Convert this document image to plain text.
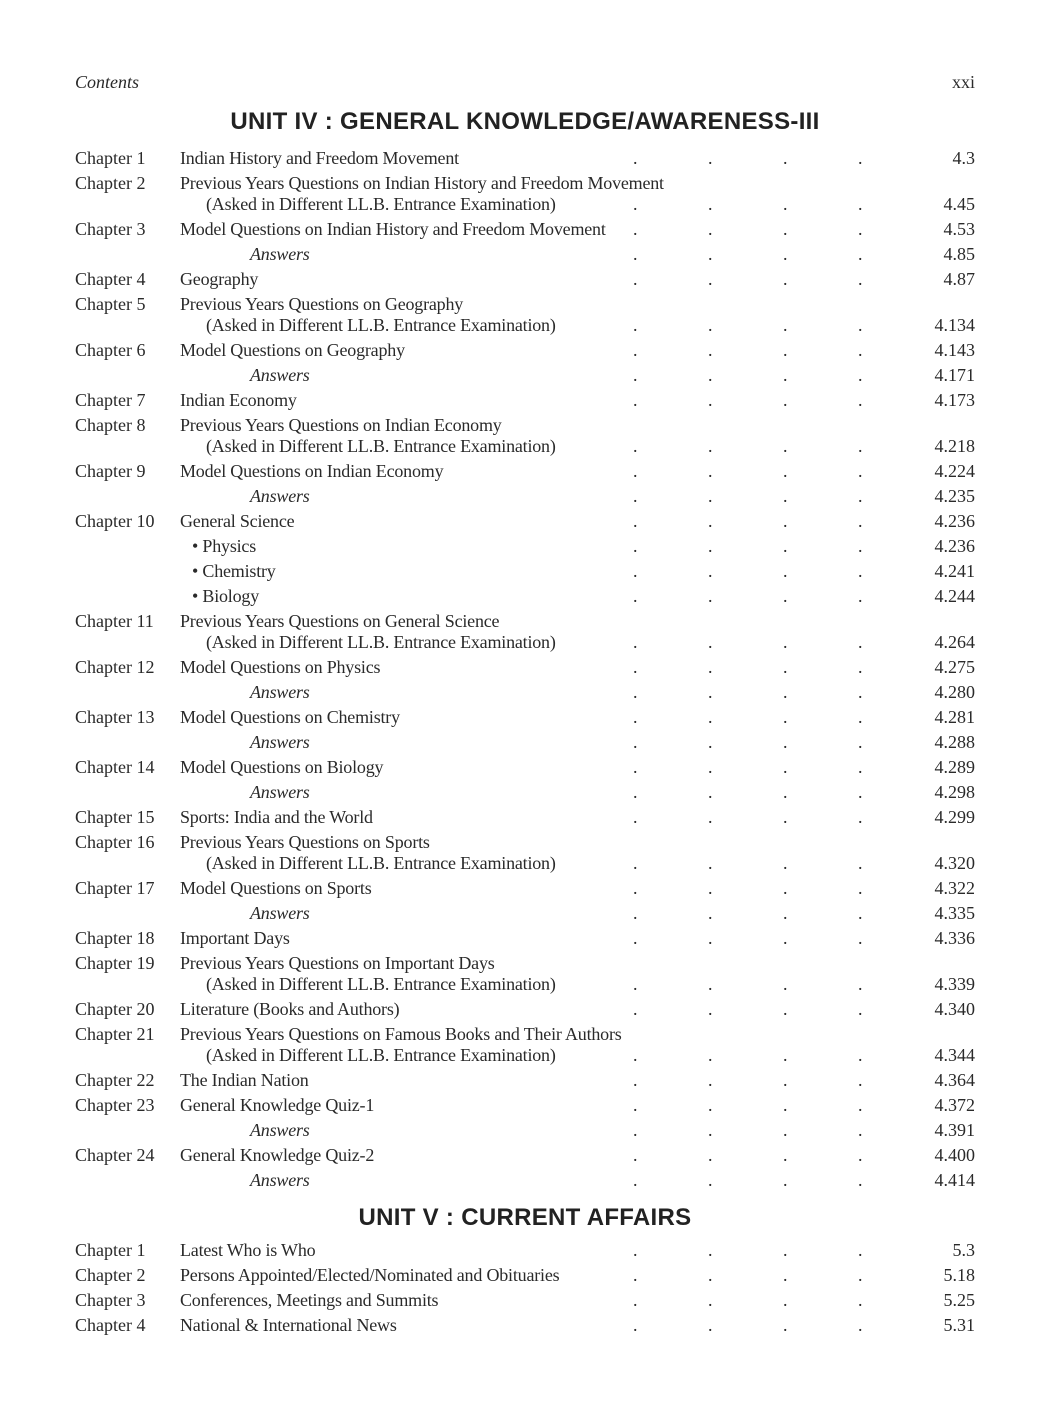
Contents	xxi
UNIT IV : GENERAL KNOWLEDGE/AWARENESS-III
Chapter 1 Indian History and Freedom Movement	.	.	.	.	4.3
Chapter 2 Previous Years Questions on Indian History and Freedom Movement
(Asked in Different LL.B. Entrance Examination)	.	.	.	.	4.45
Chapter 3 Model Questions on Indian History and Freedom Movement .	.	.	.	4.53
Answers	.	.	.	.	4.85
Chapter 4 Geography	.	.	.	.	4.87
Chapter 5 Previous Years Questions on Geography
(Asked in Different LL.B. Entrance Examination)	.	.	.	.	4.134
Chapter 6 Model Questions on Geography	.	.	.	.	4.143
Answers	.	.	.	.	4.171
Chapter 7 Indian Economy	.	.	.	.	4.173
Chapter 8 Previous Years Questions on Indian Economy
(Asked in Different LL.B. Entrance Examination)	.	.	.	.	4.218
Chapter 9 Model Questions on Indian Economy	.	.	.	.	4.224
Answers	.	.	.	.	4.235
Chapter 10 General Science	.	.	.	.	4.236
• Physics	.	.	.	.	4.236
• Chemistry	.	.	.	.	4.241
• Biology	.	.	.	.	4.244
Chapter 11 Previous Years Questions on General Science
(Asked in Different LL.B. Entrance Examination)	.	.	.	.	4.264
Chapter 12 Model Questions on Physics	.	.	.	.	4.275
Answers	.	.	.	.	4.280
Chapter 13 Model Questions on Chemistry	.	.	.	.	4.281
Answers	.	.	.	.	4.288
Chapter 14 Model Questions on Biology	.	.	.	.	4.289
Answers	.	.	.	.	4.298
Chapter 15 Sports: India and the World	.	.	.	.	4.299
Chapter 16 Previous Years Questions on Sports
(Asked in Different LL.B. Entrance Examination)	.	.	.	.	4.320
Chapter 17 Model Questions on Sports	.	.	.	.	4.322
Answers	.	.	.	.	4.335
Chapter 18 Important Days	.	.	.	.	4.336
Chapter 19 Previous Years Questions on Important Days
(Asked in Different LL.B. Entrance Examination)	.	.	.	.	4.339
Chapter 20 Literature (Books and Authors)	.	.	.	.	4.340
Chapter 21 Previous Years Questions on Famous Books and Their Authors
(Asked in Different LL.B. Entrance Examination)	.	.	.	.	4.344
Chapter 22 The Indian Nation	.	.	.	.	4.364
Chapter 23 General Knowledge Quiz-1	.	.	.	.	4.372
Answers	.	.	.	.	4.391
Chapter 24 General Knowledge Quiz-2	.	.	.	.	4.400
Answers	.	.	.	.	4.414
UNIT V : CURRENT AFFAIRS
Chapter 1 Latest Who is Who	.	.	.	.	5.3
Chapter 2 Persons Appointed/Elected/Nominated and Obituaries	.	.	.	.	5.18
Chapter 3 Conferences, Meetings and Summits	.	.	.	.	5.25
Chapter 4 National & International News	.	.	.	.	5.31
